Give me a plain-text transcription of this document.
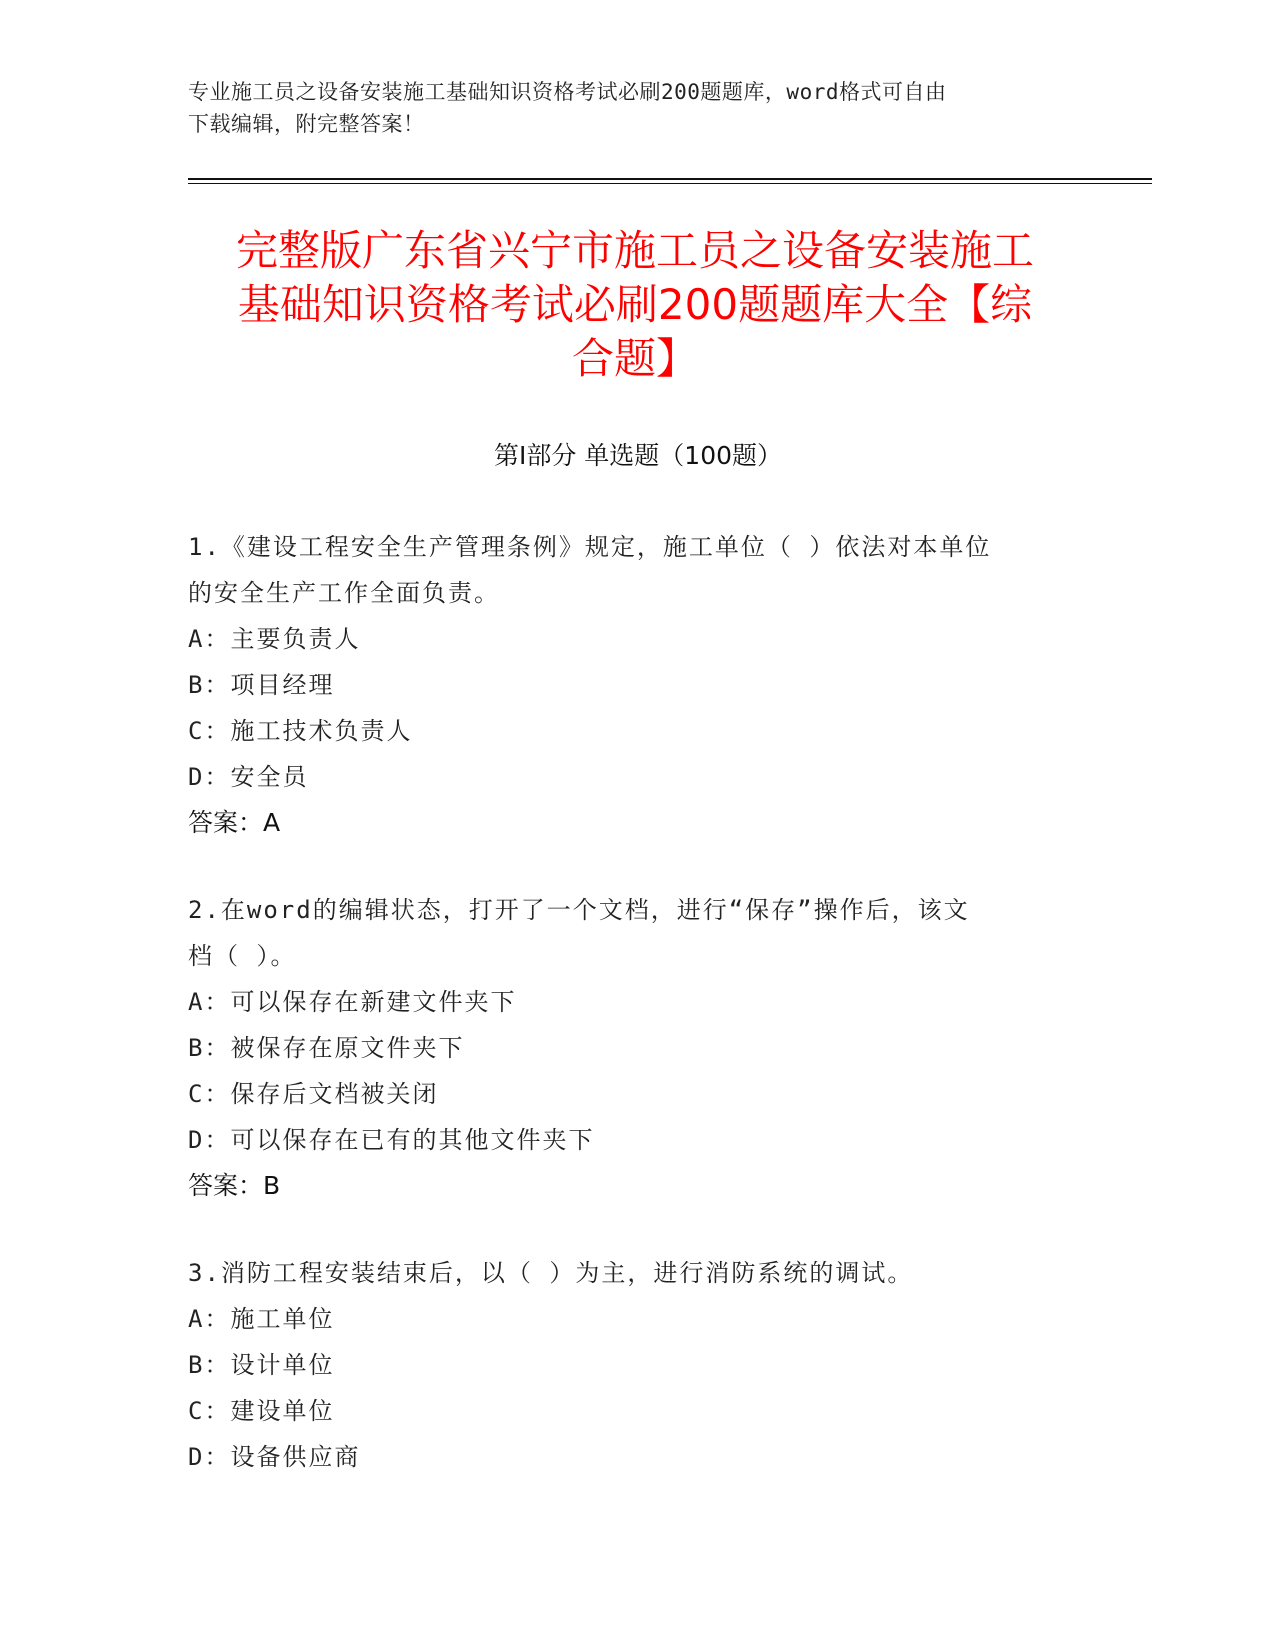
专业施工员之设备安装施工基础知识资格考试必刷200题题库，word格式可自由
下载编辑，附完整答案！
完整版广东省兴宁市施工员之设备安装施工
基础知识资格考试必刷200题题库大全【综
合题】
第Ⅰ部分 单选题（100题）
1.《建设工程安全生产管理条例》规定，施工单位（ ）依法对本单位
的安全生产工作全面负责。
A：主要负责人
B：项目经理
C：施工技术负责人
D：安全员
答案：A
2.在word的编辑状态，打开了一个文档，进行“保存”操作后，该文
档（ ）。
A：可以保存在新建文件夹下
B：被保存在原文件夹下
C：保存后文档被关闭
D：可以保存在已有的其他文件夹下
答案：B
3.消防工程安装结束后，以（ ）为主，进行消防系统的调试。
A：施工单位
B：设计单位
C：建设单位
D：设备供应商
